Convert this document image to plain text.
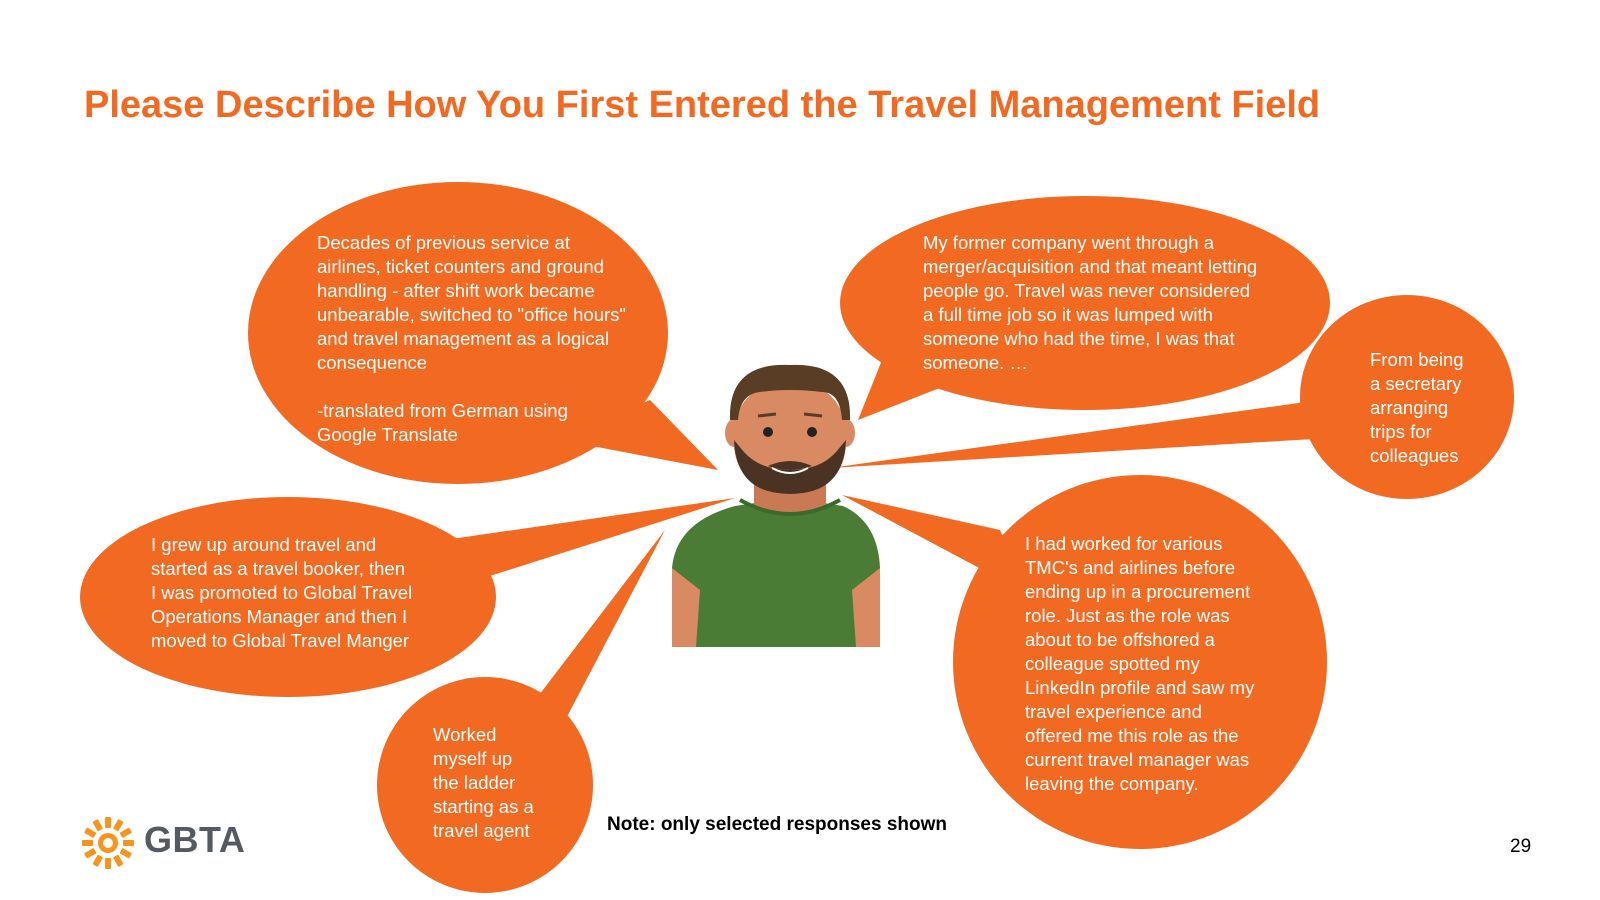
Please Describe How You First Entered the Travel Management Field
Decades of previous service at
airlines, ticket counters and ground
handling - after shift work became
unbearable, switched to "office hours"
and travel management as a logical
consequence

-translated from German using
Google Translate
My former company went through a
merger/acquisition and that meant letting
people go. Travel was never considered
a full time job so it was lumped with
someone who had the time, I was that
someone. …	From being
a secretary
arranging
trips for
colleagues
I grew up around travel and
started as a travel booker, then
I was promoted to Global Travel
Operations Manager and then I
moved to Global Travel Manger
I had worked for various
TMC's and airlines before
ending up in a procurement
role. Just as the role was
about to be offshored a
colleague spotted my
LinkedIn profile and saw my
travel experience and
offered me this role as the
current travel manager was
leaving the company.
Worked
myself up
the ladder
starting as a
travel agent	Note: only selected responses shown
GBTA	29
